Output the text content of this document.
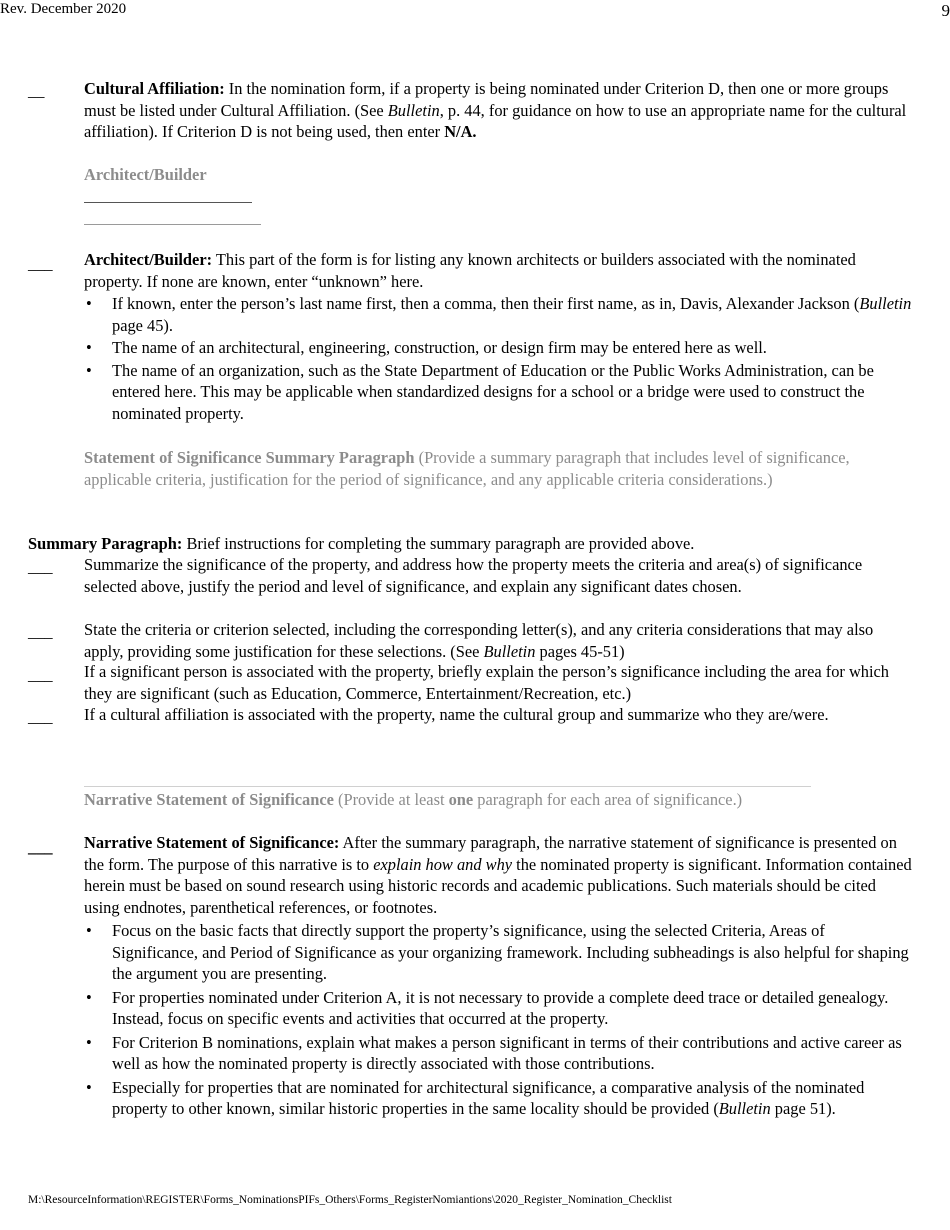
Rev. December 2020	9
__ Cultural Affiliation: In the nomination form, if a property is being nominated under Criterion D, then one or more groups must be listed under Cultural Affiliation. (See Bulletin, p. 44, for guidance on how to use an appropriate name for the cultural affiliation). If Criterion D is not being used, then enter N/A.
Architect/Builder
___ Architect/Builder: This part of the form is for listing any known architects or builders associated with the nominated property. If none are known, enter “unknown” here.
• If known, enter the person’s last name first, then a comma, then their first name, as in, Davis, Alexander Jackson (Bulletin page 45).
• The name of an architectural, engineering, construction, or design firm may be entered here as well.
• The name of an organization, such as the State Department of Education or the Public Works Administration, can be entered here. This may be applicable when standardized designs for a school or a bridge were used to construct the nominated property.
Statement of Significance Summary Paragraph (Provide a summary paragraph that includes level of significance, applicable criteria, justification for the period of significance, and any applicable criteria considerations.)
Summary Paragraph: Brief instructions for completing the summary paragraph are provided above.
___ Summarize the significance of the property, and address how the property meets the criteria and area(s) of significance selected above, justify the period and level of significance, and explain any significant dates chosen.
___ State the criteria or criterion selected, including the corresponding letter(s), and any criteria considerations that may also apply, providing some justification for these selections. (See Bulletin pages 45-51)
___ If a significant person is associated with the property, briefly explain the person’s significance including the area for which they are significant (such as Education, Commerce, Entertainment/Recreation, etc.)
___ If a cultural affiliation is associated with the property, name the cultural group and summarize who they are/were.
Narrative Statement of Significance (Provide at least one paragraph for each area of significance.)
___ Narrative Statement of Significance: After the summary paragraph, the narrative statement of significance is presented on the form. The purpose of this narrative is to explain how and why the nominated property is significant. Information contained herein must be based on sound research using historic records and academic publications. Such materials should be cited using endnotes, parenthetical references, or footnotes.
• Focus on the basic facts that directly support the property’s significance, using the selected Criteria, Areas of Significance, and Period of Significance as your organizing framework. Including subheadings is also helpful for shaping the argument you are presenting.
• For properties nominated under Criterion A, it is not necessary to provide a complete deed trace or detailed genealogy. Instead, focus on specific events and activities that occurred at the property.
• For Criterion B nominations, explain what makes a person significant in terms of their contributions and active career as well as how the nominated property is directly associated with those contributions.
• Especially for properties that are nominated for architectural significance, a comparative analysis of the nominated property to other known, similar historic properties in the same locality should be provided (Bulletin page 51).
M:\ResourceInformation\REGISTER\Forms_NominationsPIFs_Others\Forms_RegisterNomiantions\2020_Register_Nomination_Checklist
